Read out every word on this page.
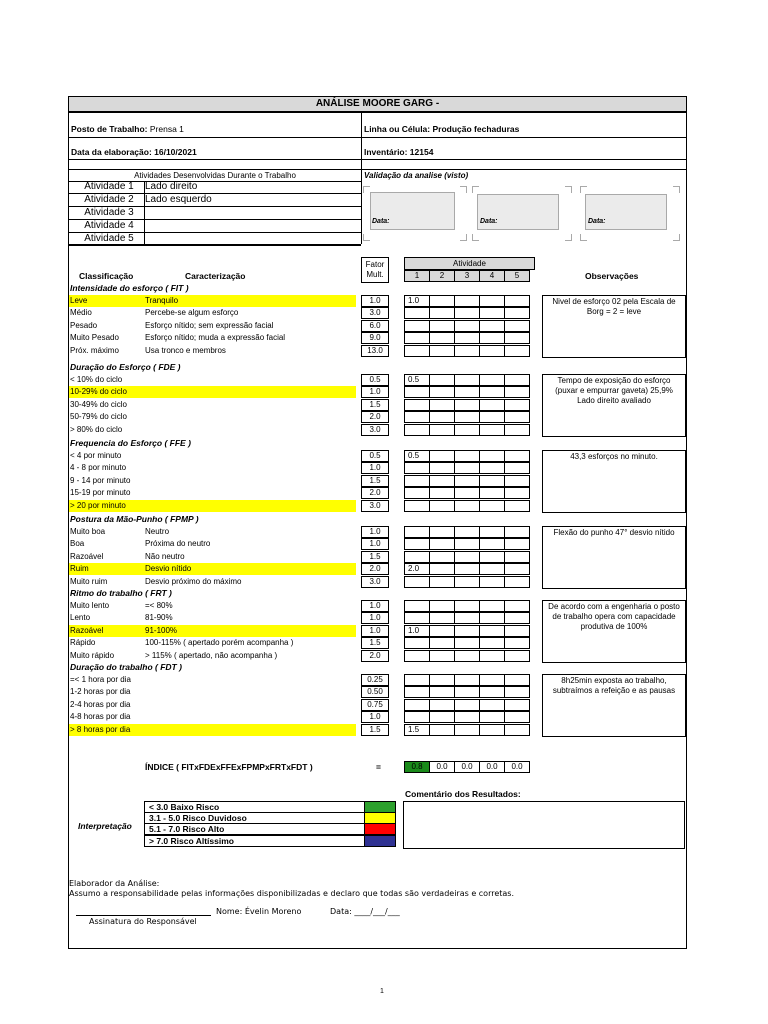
ANÁLISE MOORE GARG -
Posto de Trabalho: Prensa 1	Linha ou Célula: Produção fechaduras
Data da elaboração: 16/10/2021	Inventário: 12154
Atividades Desenvolvidas Durante o Trabalho	Validação da analise (visto)
Atividade 1	Lado direito
Atividade 2	Lado esquerdo
Atividade 3
Atividade 4
Atividade 5
Data:	Data:	Data:
Fator Mult.
Atividade
1	2	3	4	5
Classificação	Caracterização	Observações
Intensidade do esforço ( FIT )
Leve	Tranquilo	1.0	1.0
Médio	Percebe-se algum esforço	3.0
Pesado	Esforço nítido; sem expressão facial	6.0
Muito Pesado	Esforço nítido; muda a expressão facial	9.0
Próx. máximo	Usa tronco e membros	13.0
Nivel de esforço 02 pela Escala de Borg = 2 = leve
Duração do Esforço ( FDE )
< 10% do ciclo	0.5	0.5
10-29% do ciclo	1.0
30-49% do ciclo	1.5
50-79% do ciclo	2.0
> 80% do ciclo	3.0
Tempo de exposição do esforço (puxar e empurrar gaveta) 25,9% Lado direito avaliado
Frequencia do Esforço ( FFE )
< 4 por minuto	0.5	0.5
4 - 8 por minuto	1.0
9 - 14 por minuto	1.5
15-19 por minuto	2.0
> 20 por minuto	3.0
43,3 esforços no minuto.
Postura da Mão-Punho ( FPMP )
Muito boa	Neutro	1.0
Boa	Próxima do neutro	1.0
Razoável	Não neutro	1.5
Ruim	Desvio nítido	2.0	2.0
Muito ruim	Desvio próximo do máximo	3.0
Flexão do punho 47° desvio nítido
Ritmo do trabalho ( FRT )
Muito lento	=< 80%	1.0
Lento	81-90%	1.0
Razoável	91-100%	1.0	1.0
Rápido	100-115% ( apertado porém acompanha )	1.5
Muito rápido	> 115% ( apertado, não acompanha )	2.0
De acordo com a engenharia o posto de trabalho opera com capacidade produtiva de 100%
Duração do trabalho ( FDT )
=< 1 hora por dia	0.25
1-2 horas por dia	0.50
2-4 horas por dia	0.75
4-8 horas por dia	1.0
> 8 horas por dia	1.5	1.5
8h25min exposta ao trabalho, subtraímos a refeição e as pausas
ÍNDICE ( FITxFDExFFExFPMPxFRTxFDT )	=	0.8 0.0 0.0 0.0 0.0
Comentário dos Resultados:
Interpretação
< 3.0 Baixo Risco
3.1 - 5.0 Risco Duvidoso
5.1 - 7.0 Risco Alto
> 7.0 Risco Altíssimo
Elaborador da Análise:
Assumo a responsabilidade pelas informações disponibilizadas e declaro que todas são verdadeiras e corretas.
Nome: Évelin Moreno	Data: ____/___/___
Assinatura do Responsável
1
